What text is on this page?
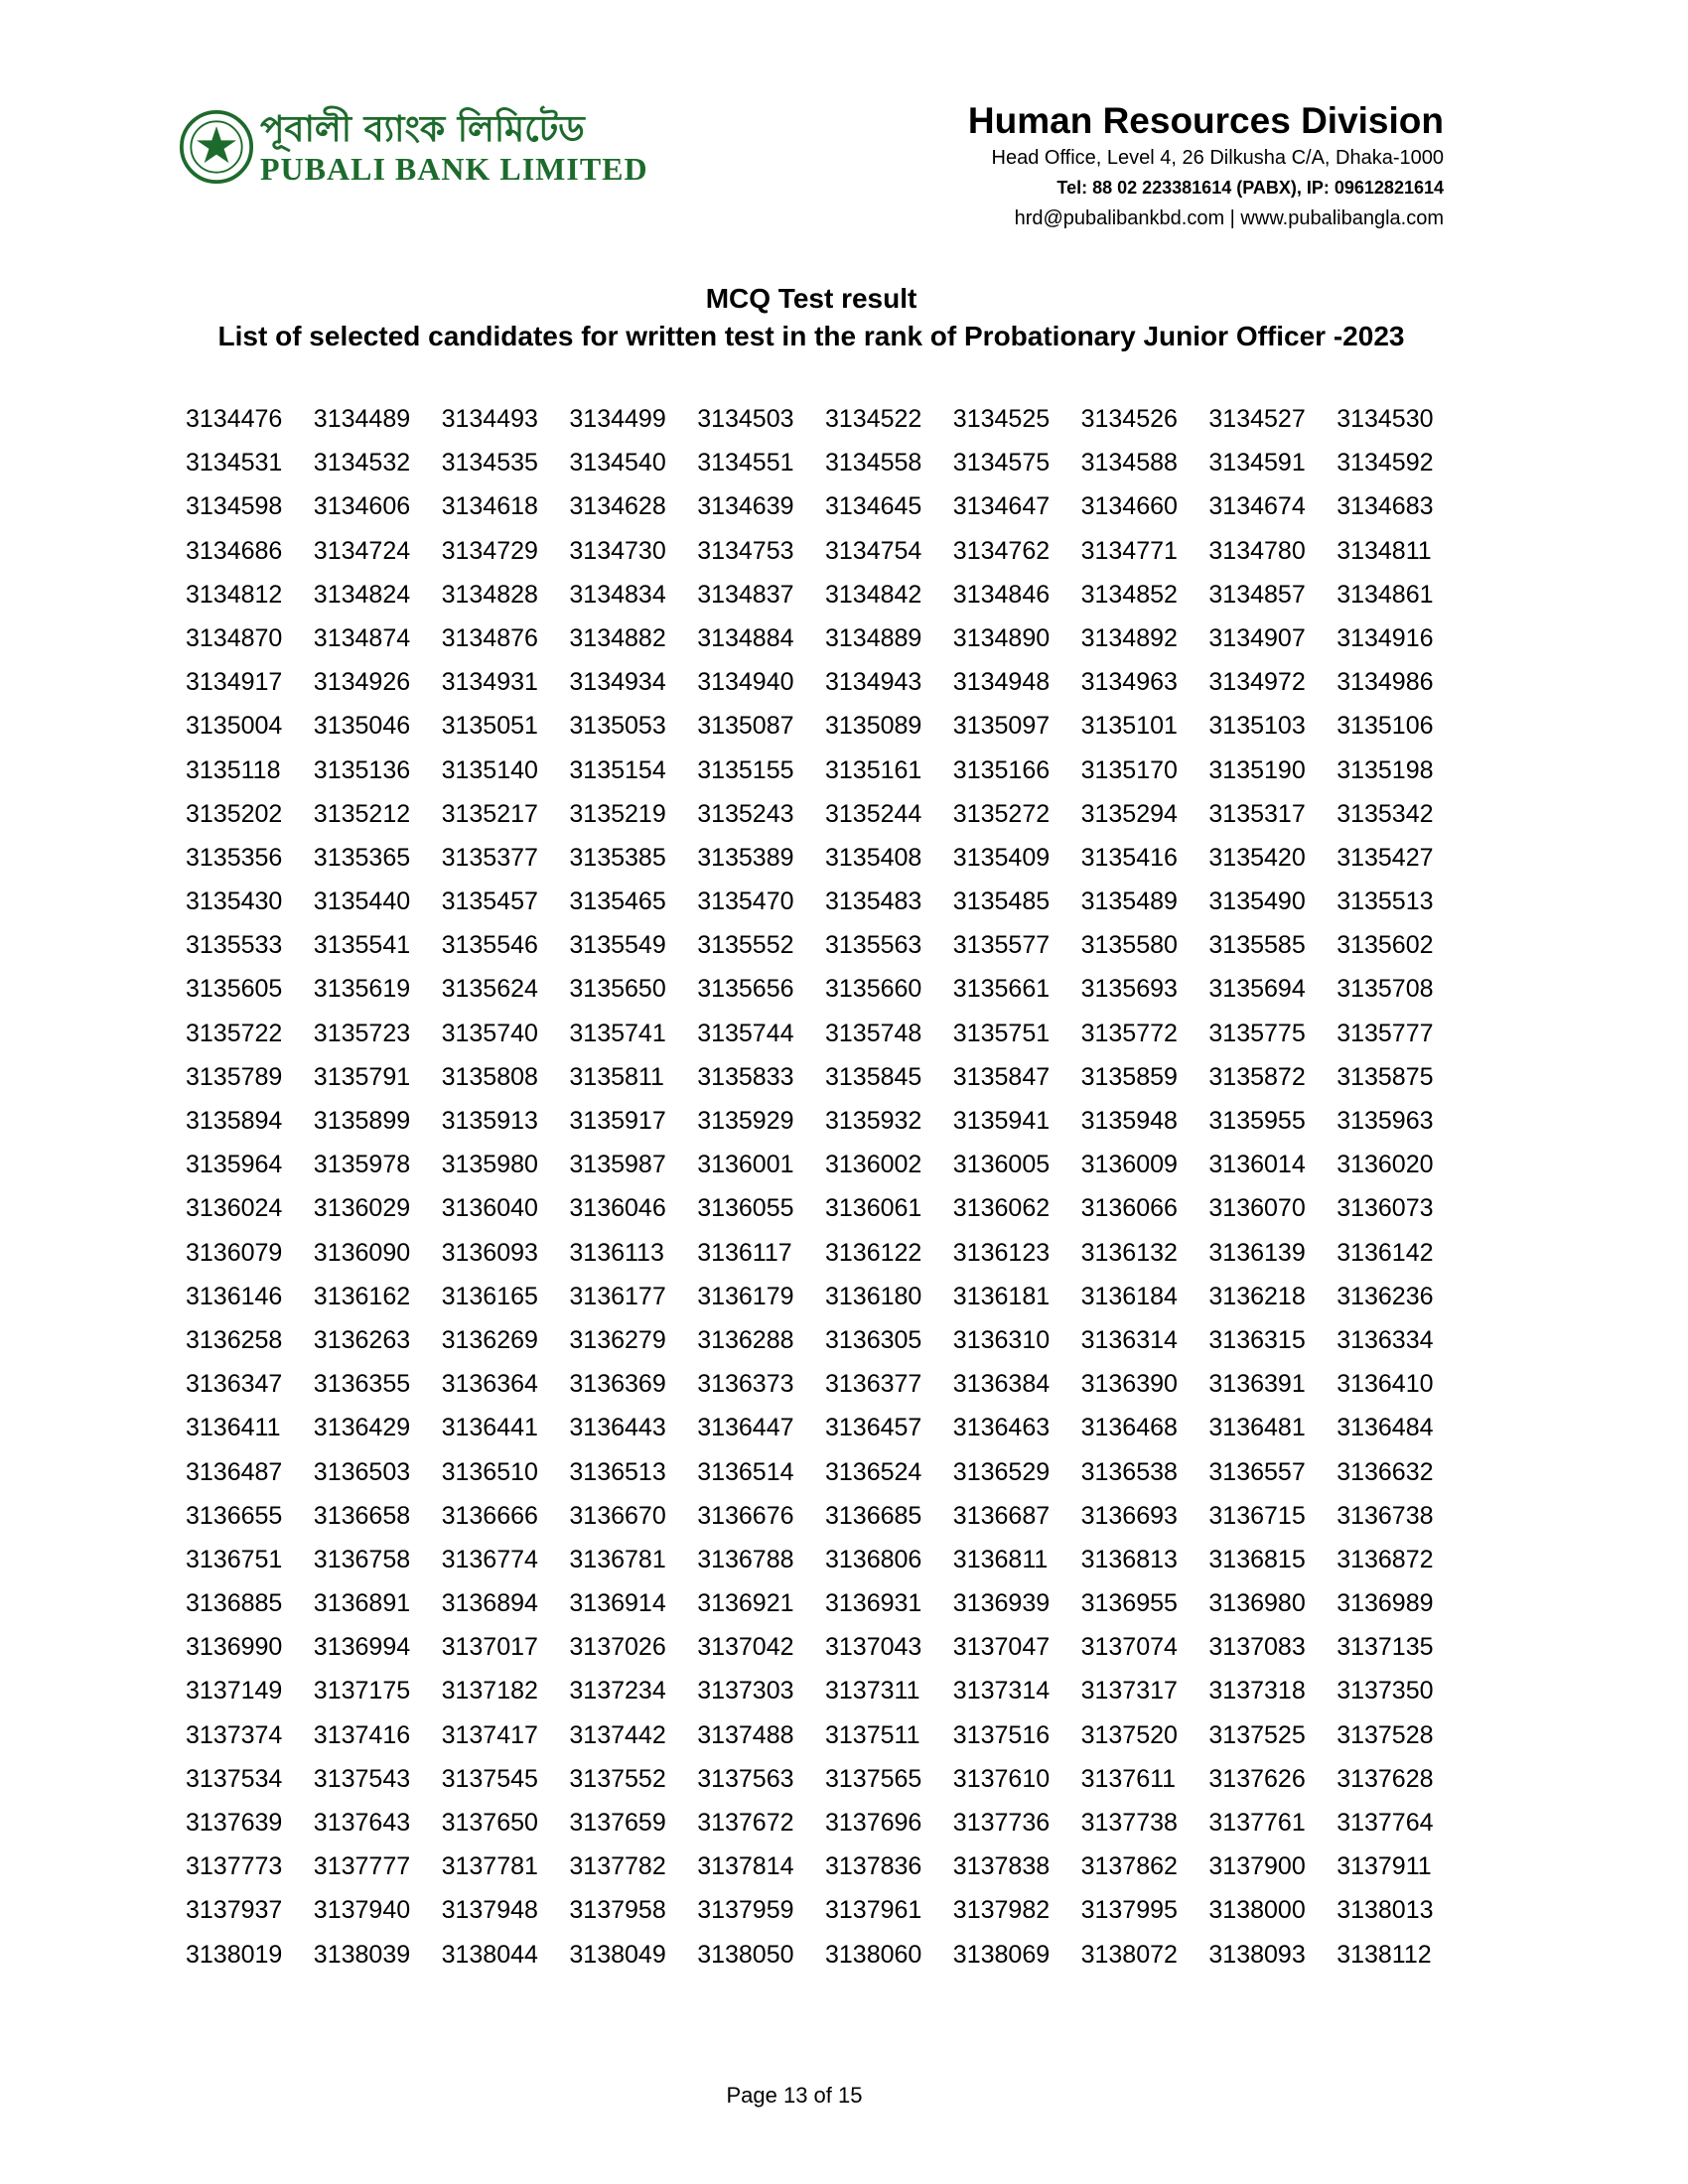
পূবালী ব্যাংক লিমিটেড
PUBALI BANK LIMITED
Human Resources Division
Head Office, Level 4, 26 Dilkusha C/A, Dhaka-1000
Tel: 88 02 223381614 (PABX), IP: 09612821614
hrd@pubalibankbd.com | www.pubalibangla.com
MCQ Test result
List of selected candidates for written test in the rank of Probationary Junior Officer -2023
3134476 3134489 3134493 3134499 3134503 3134522 3134525 3134526 3134527 3134530
3134531 3134532 3134535 3134540 3134551 3134558 3134575 3134588 3134591 3134592
3134598 3134606 3134618 3134628 3134639 3134645 3134647 3134660 3134674 3134683
3134686 3134724 3134729 3134730 3134753 3134754 3134762 3134771 3134780 3134811
3134812 3134824 3134828 3134834 3134837 3134842 3134846 3134852 3134857 3134861
3134870 3134874 3134876 3134882 3134884 3134889 3134890 3134892 3134907 3134916
3134917 3134926 3134931 3134934 3134940 3134943 3134948 3134963 3134972 3134986
3135004 3135046 3135051 3135053 3135087 3135089 3135097 3135101 3135103 3135106
3135118 3135136 3135140 3135154 3135155 3135161 3135166 3135170 3135190 3135198
3135202 3135212 3135217 3135219 3135243 3135244 3135272 3135294 3135317 3135342
3135356 3135365 3135377 3135385 3135389 3135408 3135409 3135416 3135420 3135427
3135430 3135440 3135457 3135465 3135470 3135483 3135485 3135489 3135490 3135513
3135533 3135541 3135546 3135549 3135552 3135563 3135577 3135580 3135585 3135602
3135605 3135619 3135624 3135650 3135656 3135660 3135661 3135693 3135694 3135708
3135722 3135723 3135740 3135741 3135744 3135748 3135751 3135772 3135775 3135777
3135789 3135791 3135808 3135811 3135833 3135845 3135847 3135859 3135872 3135875
3135894 3135899 3135913 3135917 3135929 3135932 3135941 3135948 3135955 3135963
3135964 3135978 3135980 3135987 3136001 3136002 3136005 3136009 3136014 3136020
3136024 3136029 3136040 3136046 3136055 3136061 3136062 3136066 3136070 3136073
3136079 3136090 3136093 3136113 3136117 3136122 3136123 3136132 3136139 3136142
3136146 3136162 3136165 3136177 3136179 3136180 3136181 3136184 3136218 3136236
3136258 3136263 3136269 3136279 3136288 3136305 3136310 3136314 3136315 3136334
3136347 3136355 3136364 3136369 3136373 3136377 3136384 3136390 3136391 3136410
3136411 3136429 3136441 3136443 3136447 3136457 3136463 3136468 3136481 3136484
3136487 3136503 3136510 3136513 3136514 3136524 3136529 3136538 3136557 3136632
3136655 3136658 3136666 3136670 3136676 3136685 3136687 3136693 3136715 3136738
3136751 3136758 3136774 3136781 3136788 3136806 3136811 3136813 3136815 3136872
3136885 3136891 3136894 3136914 3136921 3136931 3136939 3136955 3136980 3136989
3136990 3136994 3137017 3137026 3137042 3137043 3137047 3137074 3137083 3137135
3137149 3137175 3137182 3137234 3137303 3137311 3137314 3137317 3137318 3137350
3137374 3137416 3137417 3137442 3137488 3137511 3137516 3137520 3137525 3137528
3137534 3137543 3137545 3137552 3137563 3137565 3137610 3137611 3137626 3137628
3137639 3137643 3137650 3137659 3137672 3137696 3137736 3137738 3137761 3137764
3137773 3137777 3137781 3137782 3137814 3137836 3137838 3137862 3137900 3137911
3137937 3137940 3137948 3137958 3137959 3137961 3137982 3137995 3138000 3138013
3138019 3138039 3138044 3138049 3138050 3138060 3138069 3138072 3138093 3138112
Page 13 of 15
